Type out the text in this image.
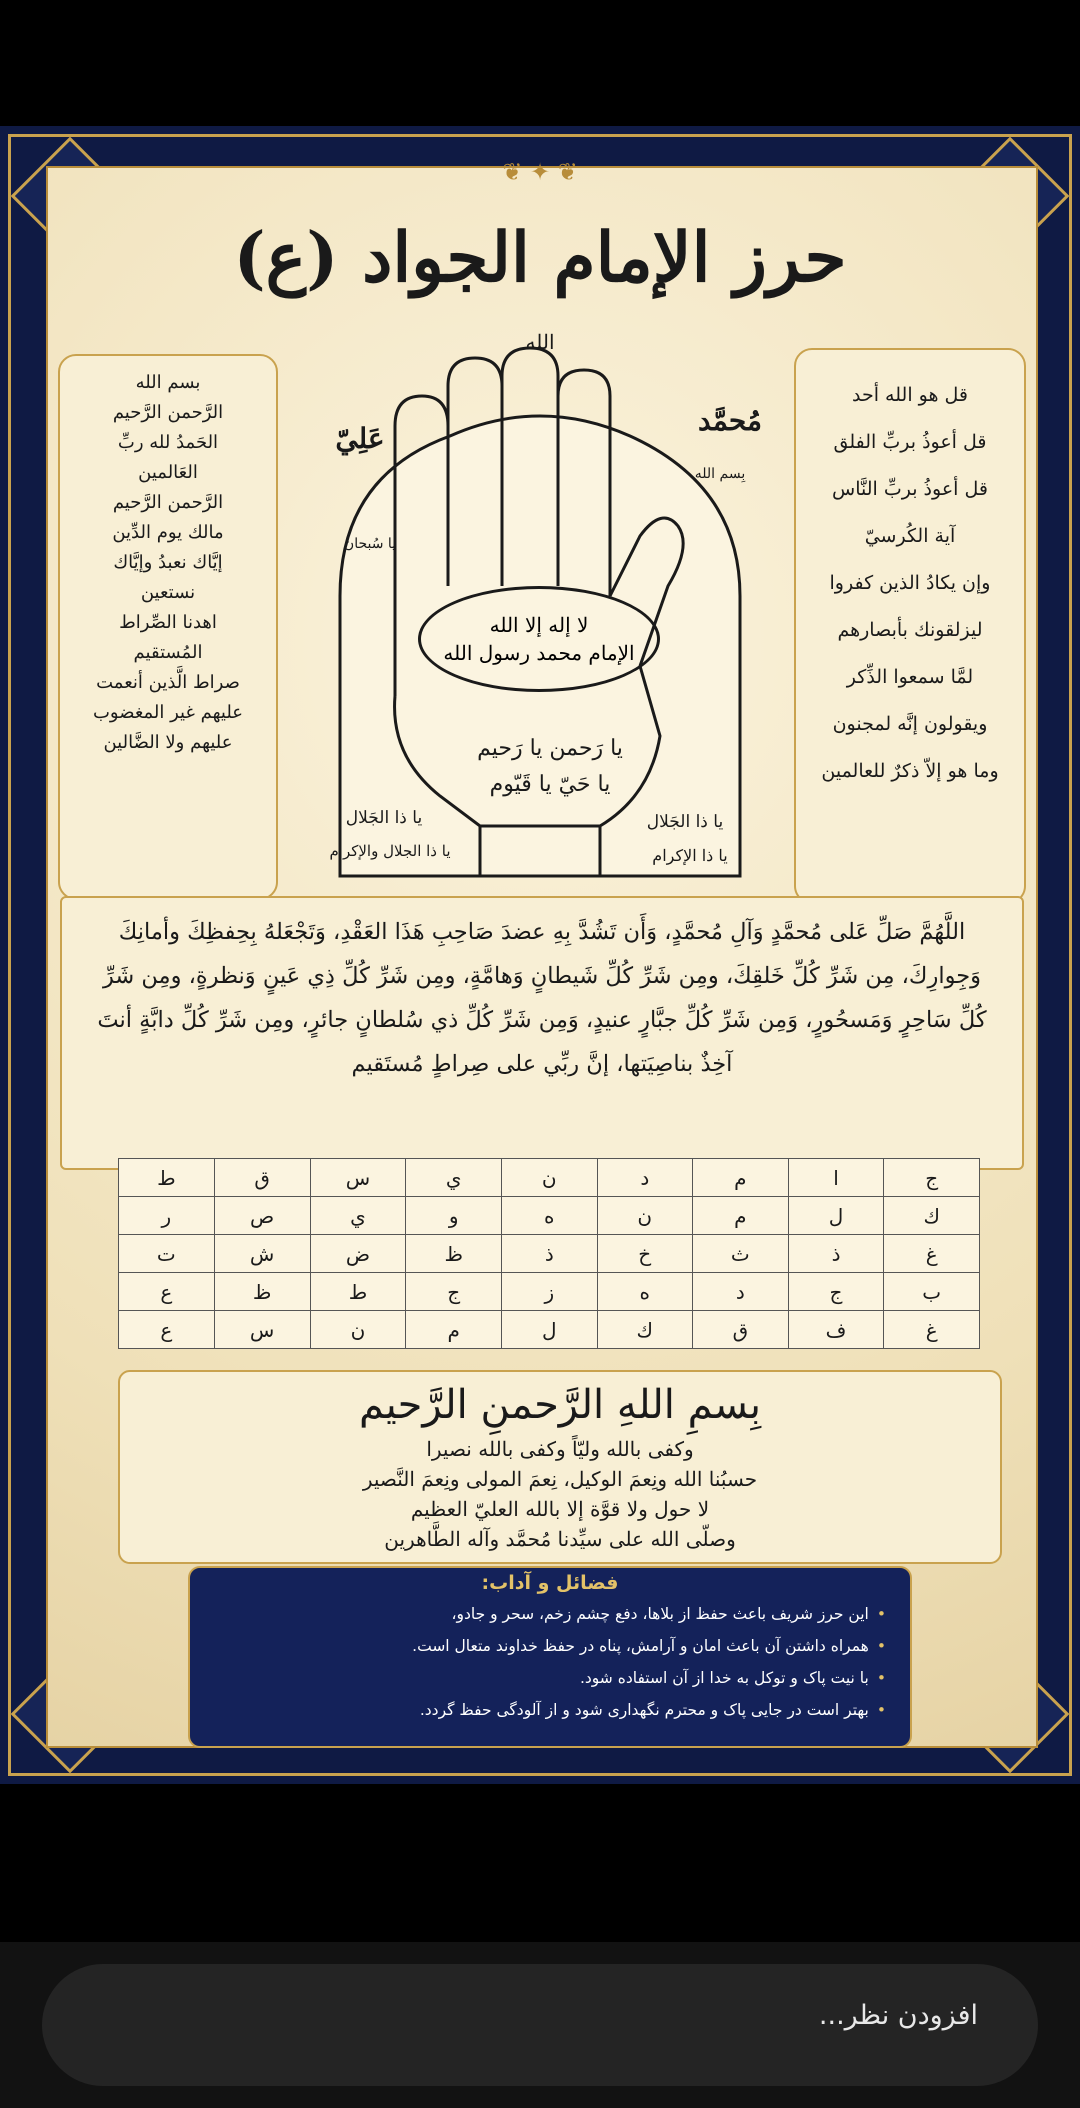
❦ ✦ ❦
حرز الإمام الجواد (ع)
بسم الله
الرَّحمن الرَّحيم
الحَمدُ لله ربِّ
العَالمين
الرَّحمن الرَّحيم
مالك يوم الدِّين
إيَّاك نعبدُ وإيَّاك
نستعين
اهدنا الصِّراط
المُستقيم
صراط الَّذين أنعمت
عليهم غير المغضوب
عليهم ولا الضَّالين
قل هو الله أحد
قل أعوذُ بربِّ الفلق
قل أعوذُ بربِّ النَّاس
آية الكُرسيّ
وإن يكادُ الذين كفروا
ليزلقونك بأبصارهم
لمَّا سمعوا الذِّكر
ويقولون إنَّه لمجنون
وما هو إلاّ ذكرٌ للعالمين
لا إله إلا الله
الإمام محمد رسول الله
الله
عَلِيّ
مُحمَّد
يا رَحمن يا رَحيم
يا حَيّ يا قَيّوم
يا ذا الجَلال
يا ذا الجلال والإكرام
يا ذا الجَلال
يا ذا الإكرام
يا سُبحان
بِسم الله

اللَّهُمَّ صَلِّ عَلى مُحمَّدٍ وَآلِ مُحمَّدٍ، وَأَن تَشُدَّ بِهِ عضدَ صَاحِبِ هَذَا العَقْدِ، وَتَجْعَلهُ بِحِفظِكَ وأمانِكَ وَجِوارِكَ، مِن شَرِّ كُلِّ خَلقِكَ، ومِن شَرِّ كُلِّ شَيطانٍ وَهامَّةٍ، ومِن شَرِّ كُلِّ ذِي عَينٍ وَنظرةٍ، ومِن شَرِّ كُلِّ سَاحِرٍ وَمَسحُورٍ، وَمِن شَرِّ كُلِّ جبَّارٍ عنيدٍ، وَمِن شَرِّ كُلِّ ذي سُلطانٍ جائرٍ، ومِن شَرِّ كُلِّ دابَّةٍ أنتَ آخِذٌ بناصِيَتها، إنَّ ربِّي على صِراطٍ مُستَقيم

ج	ا	م	د	ن	ي	س	ق	ط
ك	ل	م	ن	ه	و	ي	ص	ر
غ	ذ	ث	خ	ذ	ظ	ض	ش	ت
ب	ج	د	ه	ز	ج	ط	ظ	ع
غ	ف	ق	ك	ل	م	ن	س	ع
بِسمِ اللهِ الرَّحمنِ الرَّحيم
وكفى بالله وليّاً وكفى بالله نصيرا
حسبُنا الله ونِعمَ الوكيل، نِعمَ المولى ونِعمَ النَّصير
لا حول ولا قوَّة إلا بالله العليّ العظيم
وصلّى الله على سيِّدنا مُحمَّد وآله الطَّاهرين
فضائل و آداب:
• این حرز شریف باعث حفظ از بلاها، دفع چشم زخم، سحر و جادو،
• همراه داشتن آن باعث امان و آرامش، پناه در حفظ خداوند متعال است.
• با نیت پاک و توکل به خدا از آن استفاده شود.
• بهتر است در جایی پاک و محترم نگهداری شود و از آلودگی حفظ گردد.
افزودن نظر...
